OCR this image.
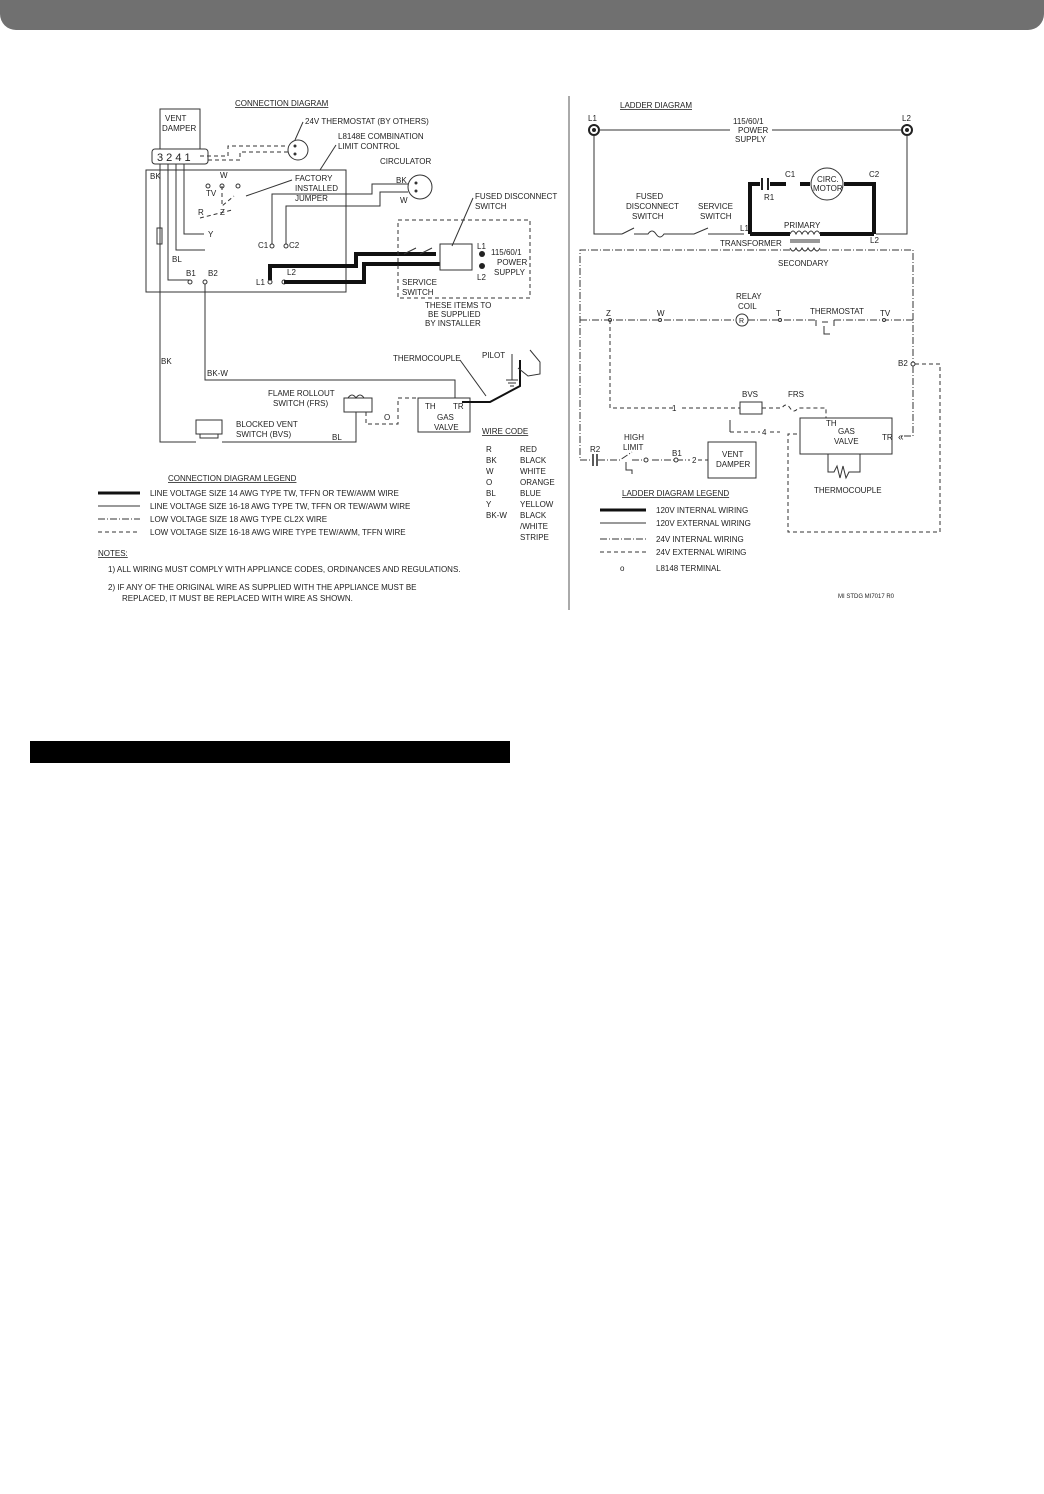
CONNECTION DIAGRAM
VENT
DAMPER
3 2 4 1
24V THERMOSTAT (BY OTHERS)
L8148E COMBINATION
LIMIT CONTROL
BK
TV
W
Z
R
Y
BL
B1 B2
FACTORY
INSTALLED
JUMPER
CIRCULATOR
BK
W
C1	C2
L1
L2
L1
L2
115/60/1
POWER
SUPPLY
FUSED DISCONNECT
SWITCH
SERVICE
SWITCH
THESE ITEMS TO
BE SUPPLIED
BY INSTALLER
BK
BK-W
BL
BLOCKED VENT
SWITCH (BVS)
FLAME ROLLOUT
SWITCH (FRS)
O
TH TR
GAS
VALVE
THERMOCOUPLE	PILOT
WIRE CODE
R	RED
BK	BLACK
W	WHITE
O	ORANGE
BL	BLUE
Y	YELLOW
BK-W BLACK
/WHITE
STRIPE
CONNECTION DIAGRAM LEGEND
LINE VOLTAGE SIZE 14 AWG TYPE TW, TFFN OR TEW/AWM WIRE
LINE VOLTAGE SIZE 16-18 AWG TYPE TW, TFFN OR TEW/AWM WIRE
LOW VOLTAGE SIZE 18 AWG TYPE CL2X WIRE
LOW VOLTAGE SIZE 16-18 AWG WIRE TYPE TEW/AWM, TFFN WIRE
NOTES:
1) ALL WIRING MUST COMPLY WITH APPLIANCE CODES, ORDINANCES AND REGULATIONS.
2) IF ANY OF THE ORIGINAL WIRE AS SUPPLIED WITH THE APPLIANCE MUST BE
REPLACED, IT MUST BE REPLACED WITH WIRE AS SHOWN.
LADDER DIAGRAM
L1	L2
115/60/1
POWER
SUPPLY
FUSED
DISCONNECT
SWITCH
SERVICE
SWITCH
L1
L2
R1
C1	C2
CIRC.
MOTOR
PRIMARY
TRANSFORMER
SECONDARY
R
RELAY
COIL
Z	W	T	TV
THERMOSTAT
B2
«
1
BVS	FRS
TH
TR
GAS
VALVE
THERMOCOUPLE
4
R2
HIGH
LIMIT
B1
2
VENT
DAMPER
LADDER DIAGRAM LEGEND
120V INTERNAL WIRING
120V EXTERNAL WIRING
24V INTERNAL WIRING
24V EXTERNAL WIRING
o	L8148 TERMINAL
MI STDG MI7017 R0
